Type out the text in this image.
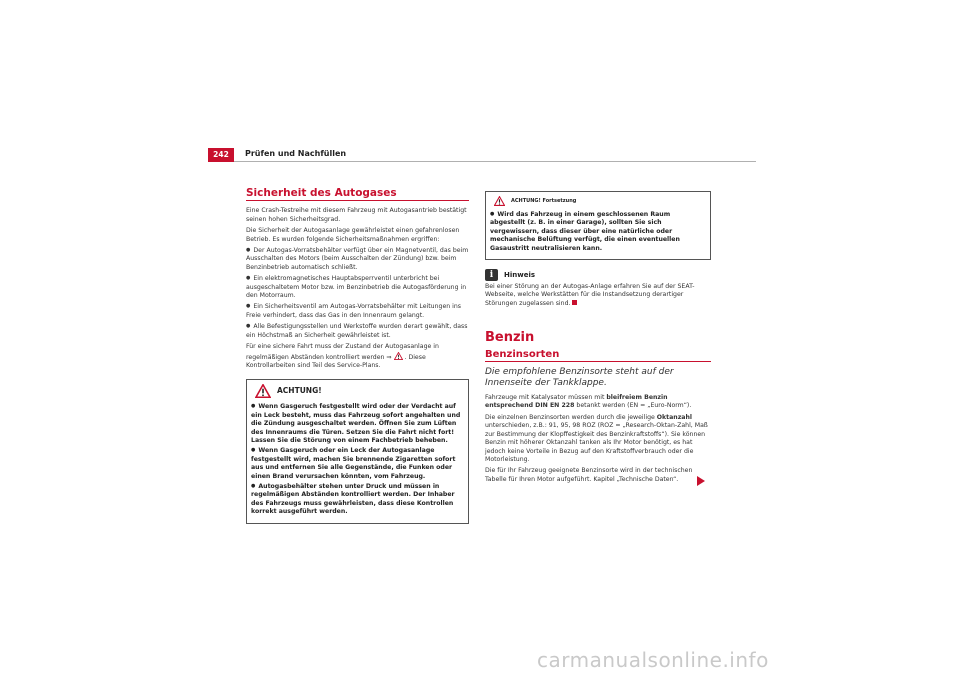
242	Prüfen und Nachfüllen
Sicherheit des Autogases

Eine Crash-Testreihe mit diesem Fahrzeug mit Autogasantrieb bestätigt seinen hohen Sicherheitsgrad.

Die Sicherheit der Autogasanlage gewährleistet einen gefahrenlosen Betrieb. Es wurden folgende Sicherheitsmaßnahmen ergriffen:

● Der Autogas-Vorratsbehälter verfügt über ein Magnetventil, das beim Ausschalten des Motors (beim Ausschalten der Zündung) bzw. beim Benzinbetrieb automatisch schließt.

● Ein elektromagnetisches Hauptabsperrventil unterbricht bei ausgeschaltetem Motor bzw. im Benzinbetrieb die Autogasförderung in den Motorraum.

● Ein Sicherheitsventil am Autogas-Vorratsbehälter mit Leitungen ins Freie verhindert, dass das Gas in den Innenraum gelangt.

● Alle Befestigungsstellen und Werkstoffe wurden derart gewählt, dass ein Höchstmaß an Sicherheit gewährleistet ist.

Für eine sichere Fahrt muss der Zustand der Autogasanlage in regelmäßigen Abständen kontrolliert werden ⇒ . Diese Kontrollarbeiten sind Teil des Service-Plans.

ACHTUNG!

● Wenn Gasgeruch festgestellt wird oder der Verdacht auf ein Leck besteht, muss das Fahrzeug sofort angehalten und die Zündung ausgeschaltet werden. Öffnen Sie zum Lüften des Innenraums die Türen. Setzen Sie die Fahrt nicht fort! Lassen Sie die Störung von einem Fachbetrieb beheben.

● Wenn Gasgeruch oder ein Leck der Autogasanlage festgestellt wird, machen Sie brennende Zigaretten sofort aus und entfernen Sie alle Gegenstände, die Funken oder einen Brand verursachen könnten, vom Fahrzeug.

● Autogasbehälter stehen unter Druck und müssen in regelmäßigen Abständen kontrolliert werden. Der Inhaber des Fahrzeugs muss gewährleisten, dass diese Kontrollen korrekt ausgeführt werden.

ACHTUNG! Fortsetzung

● Wird das Fahrzeug in einem geschlossenen Raum abgestellt (z. B. in einer Garage), sollten Sie sich vergewissern, dass dieser über eine natürliche oder mechanische Belüftung verfügt, die einen eventuellen Gasaustritt neutralisieren kann.

i	Hinweis

Bei einer Störung an der Autogas-Anlage erfahren Sie auf der SEAT-Webseite, welche Werkstätten für die Instandsetzung derartiger Störungen zugelassen sind.

Benzin
Benzinsorten
Die empfohlene Benzinsorte steht auf der Innenseite der Tankklappe.

Fahrzeuge mit Katalysator müssen mit bleifreiem Benzin entsprechend DIN EN 228 betankt werden (EN = „Euro-Norm“).

Die einzelnen Benzinsorten werden durch die jeweilige Oktanzahl unterschieden, z.B.: 91, 95, 98 ROZ (ROZ = „Research-Oktan-Zahl, Maß zur Bestimmung der Klopffestigkeit des Benzinkraftstoffs“). Sie können Benzin mit höherer Oktanzahl tanken als Ihr Motor benötigt, es hat jedoch keine Vorteile in Bezug auf den Kraftstoffverbrauch oder die Motorleistung.

Die für Ihr Fahrzeug geeignete Benzinsorte wird in der technischen Tabelle für Ihren Motor aufgeführt. Kapitel „Technische Daten“.

carmanualsonline.info
